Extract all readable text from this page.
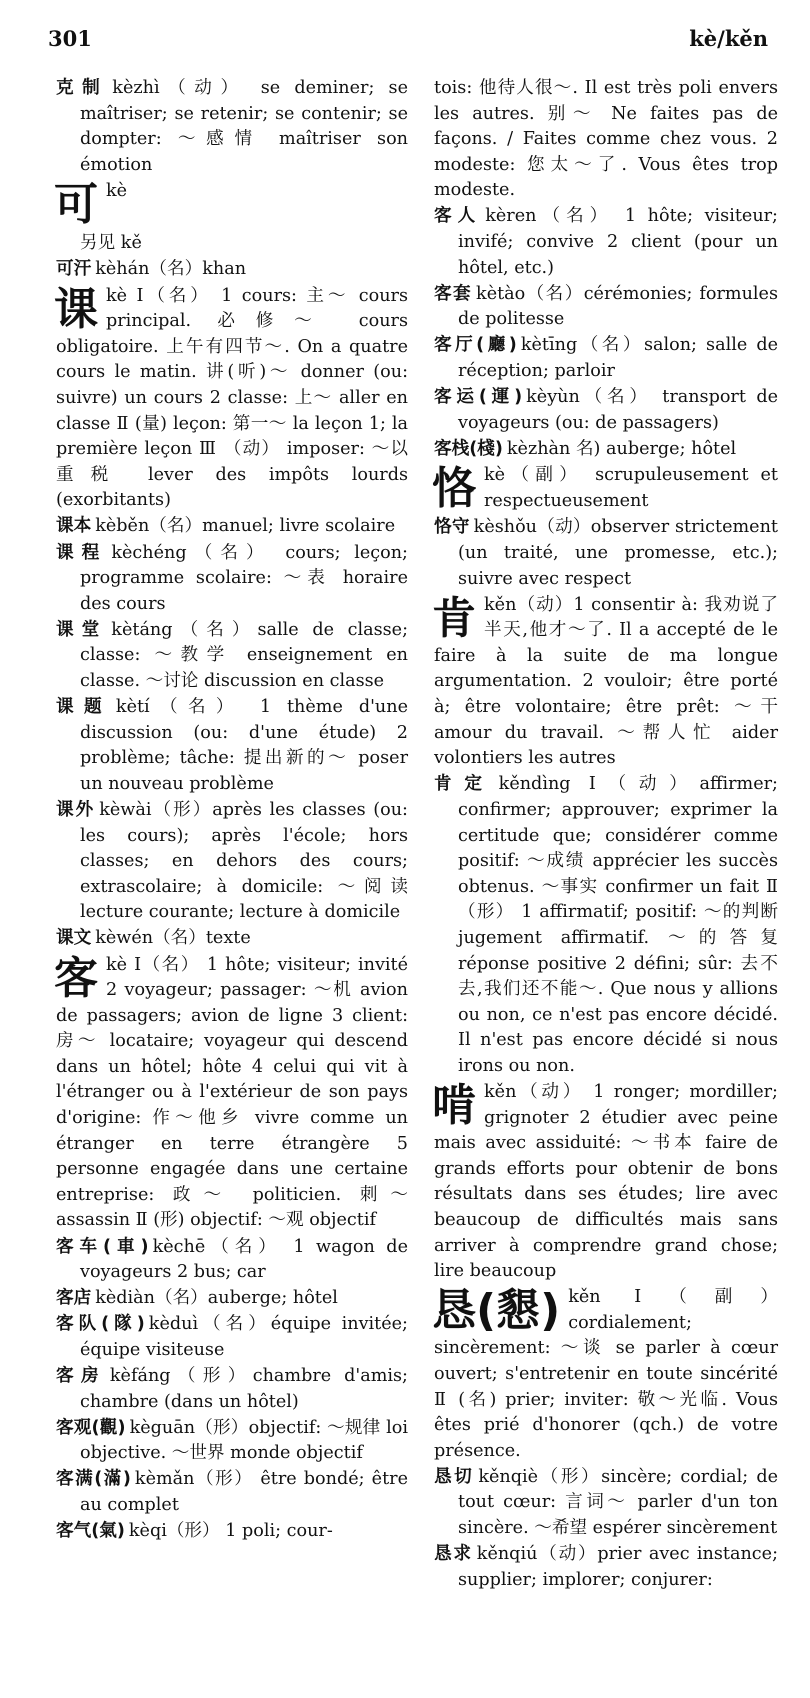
301	kè/kěn
克制 kèzhì（动） se deminer; se maîtriser; se retenir; se contenir; se dompter: ～感情 maîtriser son émotion
可kè
另见 kě
可汗 kèhán（名）khan
课kè Ⅰ（名） 1 cours: 主～ cours principal. 必修～ cours obligatoire. 上午有四节～. On a quatre cours le matin. 讲(听)～ donner (ou: suivre) un cours 2 classe: 上～ aller en classe Ⅱ (量) leçon: 第一～ la leçon 1; la première leçon Ⅲ （动） imposer: ～以重税 lever des impôts lourds (exorbitants)
课本 kèběn（名）manuel; livre scolaire
课程 kèchéng（名） cours; leçon; programme scolaire: ～表 horaire des cours
课堂 kètáng（名）salle de classe; classe: ～教学 enseignement en classe. ～讨论 discussion en classe
课题 kètí（名） 1 thème d'une discussion (ou: d'une étude) 2 problème; tâche: 提出新的～ poser un nouveau problème
课外 kèwài（形）après les classes (ou: les cours); après l'école; hors classes; en dehors des cours; extrascolaire; à domicile: ～阅读 lecture courante; lecture à domicile
课文 kèwén（名）texte
客kè Ⅰ（名） 1 hôte; visiteur; invité 2 voyageur; passager: ～机 avion de passagers; avion de ligne 3 client: 房～ locataire; voyageur qui descend dans un hôtel; hôte 4 celui qui vit à l'étranger ou à l'extérieur de son pays d'origine: 作～他乡 vivre comme un étranger en terre étrangère 5 personne engagée dans une certaine entreprise: 政～ politicien. 刺～ assassin Ⅱ (形) objectif: ～观 objectif
客车(車) kèchē（名） 1 wagon de voyageurs 2 bus; car
客店 kèdiàn（名）auberge; hôtel
客队(隊) kèduì（名）équipe invitée; équipe visiteuse
客房 kèfáng（形）chambre d'amis; chambre (dans un hôtel)
客观(觀) kèguān（形）objectif: ～规律 loi objective. ～世界 monde objectif
客满(滿) kèmǎn（形） être bondé; être au complet
客气(氣) kèqi（形） 1 poli; cour-
tois: 他待人很～. Il est très poli envers les autres. 别～ Ne faites pas de façons. / Faites comme chez vous. 2 modeste: 您太～了. Vous êtes trop modeste.
客人 kèren（名） 1 hôte; visiteur; invifé; convive 2 client (pour un hôtel, etc.)
客套 kètào（名）cérémonies; formules de politesse
客厅(廳) kètīng（名）salon; salle de réception; parloir
客运(運) kèyùn（名） transport de voyageurs (ou: de passagers)
客栈(棧) kèzhàn 名) auberge; hôtel
恪kè（副） scrupuleusement et respectueusement
恪守 kèshǒu（动）observer strictement (un traité, une promesse, etc.); suivre avec respect
肯kěn（动）1 consentir à: 我劝说了半天,他才～了. Il a accepté de le faire à la suite de ma longue argumentation. 2 vouloir; être porté à; être volontaire; être prêt: ～干 amour du travail. ～帮人忙 aider volontiers les autres
肯定 kěndìng Ⅰ（动）affirmer; confirmer; approuver; exprimer la certitude que; considérer comme positif: ～成绩 apprécier les succès obtenus. ～事实 confirmer un fait Ⅱ （形） 1 affirmatif; positif: ～的判断 jugement affirmatif. ～的答复 réponse positive 2 défini; sûr: 去不去,我们还不能～. Que nous y allions ou non, ce n'est pas encore décidé. Il n'est pas encore décidé si nous irons ou non.
啃kěn（动） 1 ronger; mordiller; grignoter 2 étudier avec peine mais avec assiduité: ～书本 faire de grands efforts pour obtenir de bons résultats dans ses études; lire avec beaucoup de difficultés mais sans arriver à comprendre grand chose; lire beaucoup
恳(懇) kěn Ⅰ（副） cordialement; sincèrement: ～谈 se parler à cœur ouvert; s'entretenir en toute sincérité Ⅱ (名) prier; inviter: 敬～光临. Vous êtes prié d'honorer (qch.) de votre présence.
恳切 kěnqiè（形）sincère; cordial; de tout cœur: 言词～ parler d'un ton sincère. ～希望 espérer sincèrement
恳求 kěnqiú（动）prier avec instance; supplier; implorer; conjurer:
